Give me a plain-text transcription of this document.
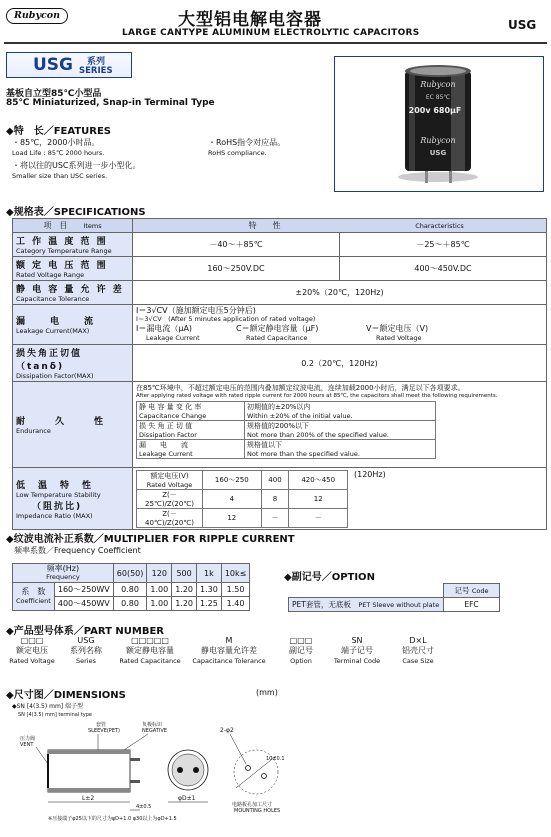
Rubycon	大型铝电解电容器
LARGE CANTYPE ALUMINUM ELECTROLYTIC CAPACITORS
USG
USG 系列
SERIES
基板自立型85℃小型品
85℃ Miniaturized, Snap-in Terminal Type
◆特　长／FEATURES
・85℃，2000小时品。
Load Life : 85℃ 2000 hours.
・将以往的USC系列进一步小型化。
Smaller size than USC series.
・RoHS指令对应品。
RoHS compliance.
Rubycon
EC 85℃
200v 680μF
Rubycon
USG
◆规格表／SPECIFICATIONS
项　目　　 Items	特　　性	Characteristics

工 作 温 度 范 围
Category Temperature Range
	－40～＋85℃	－25～＋85℃

额 定 电 压 范 围
Rated Voltage Range
	160～250V.DC	400～450V.DC

静 电 容 量 允 许 差
Capacitance Tolerance
	±20%（20℃，120Hz)

漏　电　流
Leakage Current(MAX)

I＝3√CV（施加额定电压5分钟后)
I＝3√CV　(After 5 minutes application of rated voltage)
I＝漏电流（μA)
Leakage Current
C＝额定静电容量（μF)
Rated Capacitance
V＝额定电压（V)
Rated Voltage

损失角正切值（tanδ)
Dissipation Factor(MAX)
	0.2（20℃，120Hz)

耐　　久　　性
Endurance

在85℃环境中，不超过额定电压的范围内叠加额定纹波电流，连续加载2000小时后，满足以下各项要求。
After applying rated voltage with rated ripple current for 2000 hours at 85℃, the capacitors shall meet the following requirements.
静 电 容 量 变 化 率
Capacitance Change	初期值的±20%以内
Within ±20% of the initial value.
损 失 角 正 切 值
Dissipation Factor	规格值的200%以下
Not more than 200% of the specified value.
漏　　电　　流
Leakage Current	规格值以下
Not more than the specified value.

低　温　特　性
Low Temperature Stability
（阻抗比)
Impedance Ratio (MAX)

额定电压(V)
Rated Voltage	160～250	400	420～450
Z(－25℃)/Z(20℃)	4	8	12
Z(－40℃)/Z(20℃)	12	－	－
(120Hz)
◆纹波电流补正系数／MULTIPLIER FOR RIPPLE CURRENT
频率系数／Frequency Coefficient
频率(Hz)
Frequency		60(50)	120	500	1k	10k≤
系　数
Coefficient	160～250WV	0.80	1.00	1.20	1.30	1.50
	400～450WV	0.80	1.00	1.20	1.25	1.40
◆副记号／OPTION
	记号 Code
PET套管，无底板　 PET Sleeve without plate	EFC
◆产品型号体系／PART NUMBER
□□□
额定电压
Rated Voltage
USG
系列名称
Series
□□□□□
额定静电容量
Rated Capacitance
M
静电容量允许差
Capacitance Tolerance
□□□
副记号
Option
SN
端子记号
Terminal Code
D×L
铝壳尺寸
Case Size
◆尺寸图／DIMENSIONS	(mm)
◆SN [4(3.5) mm] 端子型
SN [4(3.5) mm] terminal type
套管
SLEEVE(PET)
压力阀
VENT
负极标识
NEGATIVE
L±2
4±0.5
φD±1
2-φ2
10±0.1
电路板孔加工尺寸
MOUNTING HOLES
※压接端子φ25以下的尺寸为φD+1.0 φ30以上为φD+1.5
